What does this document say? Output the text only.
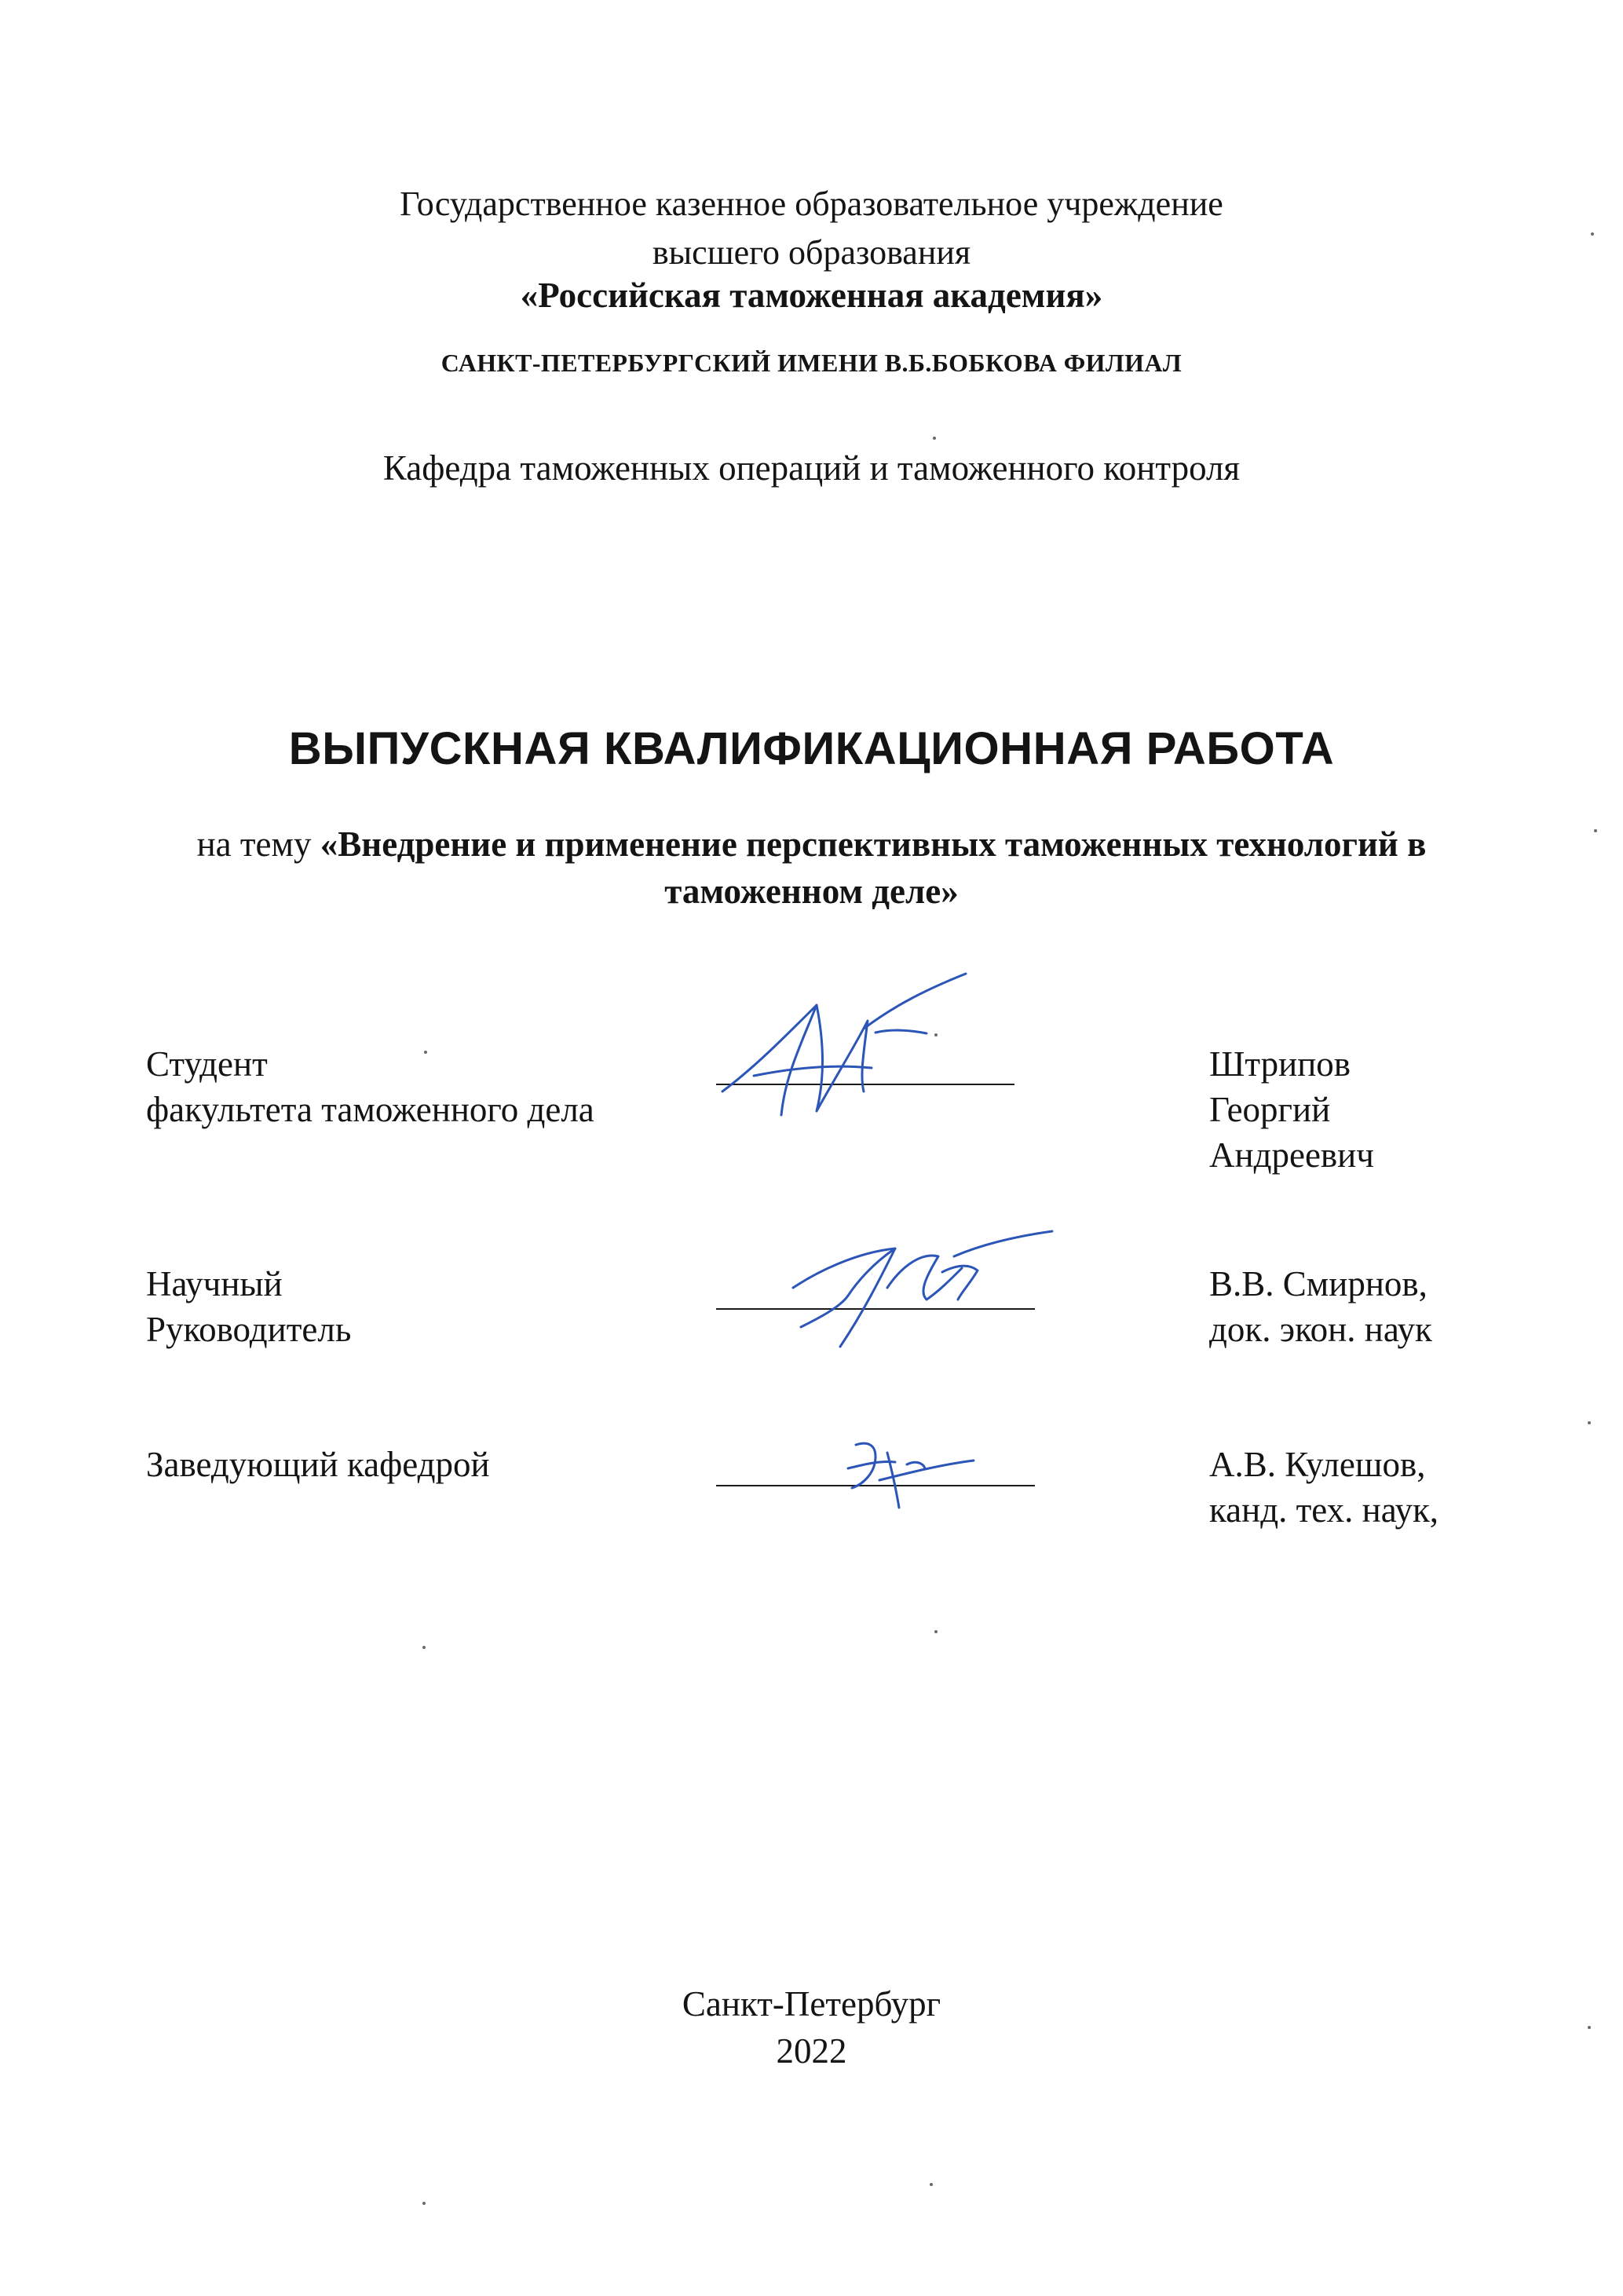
Государственное казенное образовательное учреждение
высшего образования
«Российская таможенная академия»
САНКТ-ПЕТЕРБУРГСКИЙ ИМЕНИ В.Б.БОБКОВА ФИЛИАЛ
Кафедра таможенных операций и таможенного контроля
ВЫПУСКНАЯ КВАЛИФИКАЦИОННАЯ РАБОТА
на тему «Внедрение и применение перспективных таможенных технологий в
таможенном деле»
Студент
факультета таможенного дела
Штрипов
Георгий
Андреевич
Научный
Руководитель
В.В. Смирнов,
док. экон. наук
Заведующий кафедрой	А.В. Кулешов,
канд. тех. наук,
Санкт-Петербург
2022
